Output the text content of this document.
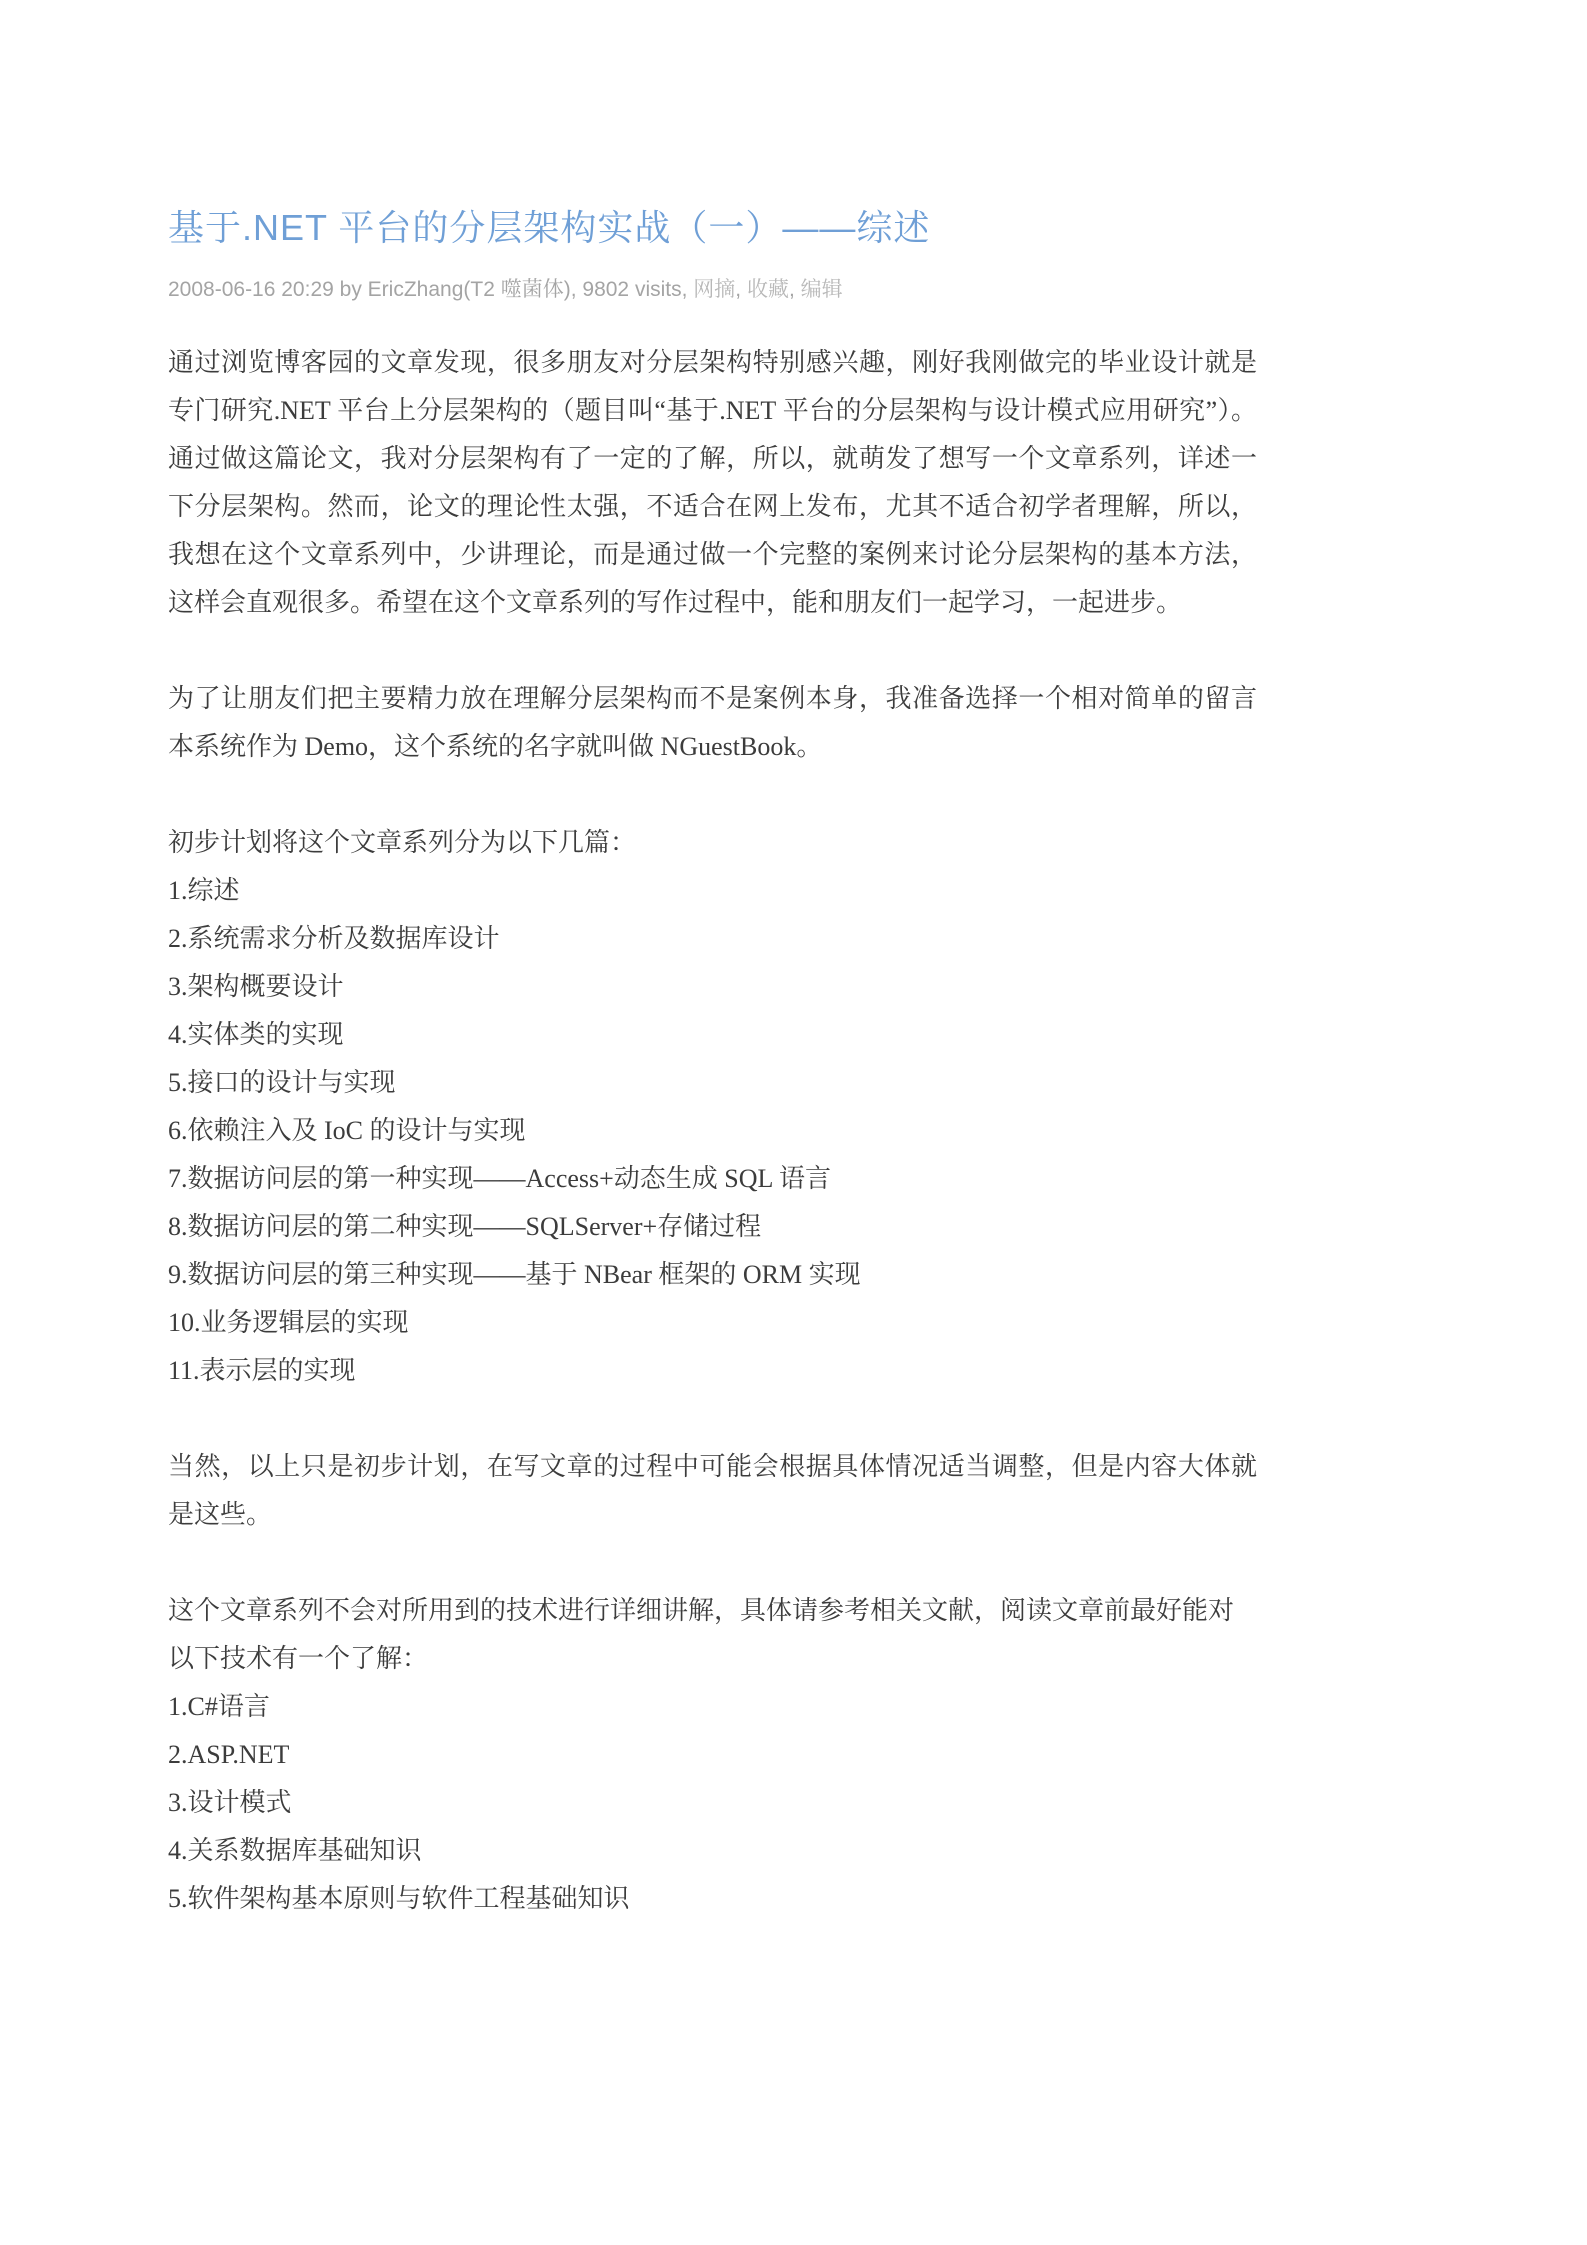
基于.NET 平台的分层架构实战（一）——综述
2008-06-16 20:29 by EricZhang(T2 噬菌体), 9802 visits, 网摘, 收藏, 编辑

通过浏览博客园的文章发现，很多朋友对分层架构特别感兴趣，刚好我刚做完的毕业设计就是专门研究.NET 平台上分层架构的（题目叫“基于.NET 平台的分层架构与设计模式应用研究”）。通过做这篇论文，我对分层架构有了一定的了解，所以，就萌发了想写一个文章系列，详述一下分层架构。然而，论文的理论性太强，不适合在网上发布，尤其不适合初学者理解，所以，我想在这个文章系列中，少讲理论，而是通过做一个完整的案例来讨论分层架构的基本方法，这样会直观很多。希望在这个文章系列的写作过程中，能和朋友们一起学习，一起进步。

为了让朋友们把主要精力放在理解分层架构而不是案例本身，我准备选择一个相对简单的留言本系统作为 Demo，这个系统的名字就叫做 NGuestBook。

初步计划将这个文章系列分为以下几篇：
1.综述
2.系统需求分析及数据库设计
3.架构概要设计
4.实体类的实现
5.接口的设计与实现
6.依赖注入及 IoC 的设计与实现
7.数据访问层的第一种实现——Access+动态生成 SQL 语言
8.数据访问层的第二种实现——SQLServer+存储过程
9.数据访问层的第三种实现——基于 NBear 框架的 ORM 实现
10.业务逻辑层的实现
11.表示层的实现

当然，以上只是初步计划，在写文章的过程中可能会根据具体情况适当调整，但是内容大体就是这些。

这个文章系列不会对所用到的技术进行详细讲解，具体请参考相关文献，阅读文章前最好能对以下技术有一个了解：
1.C#语言
2.ASP.NET
3.设计模式
4.关系数据库基础知识
5.软件架构基本原则与软件工程基础知识
